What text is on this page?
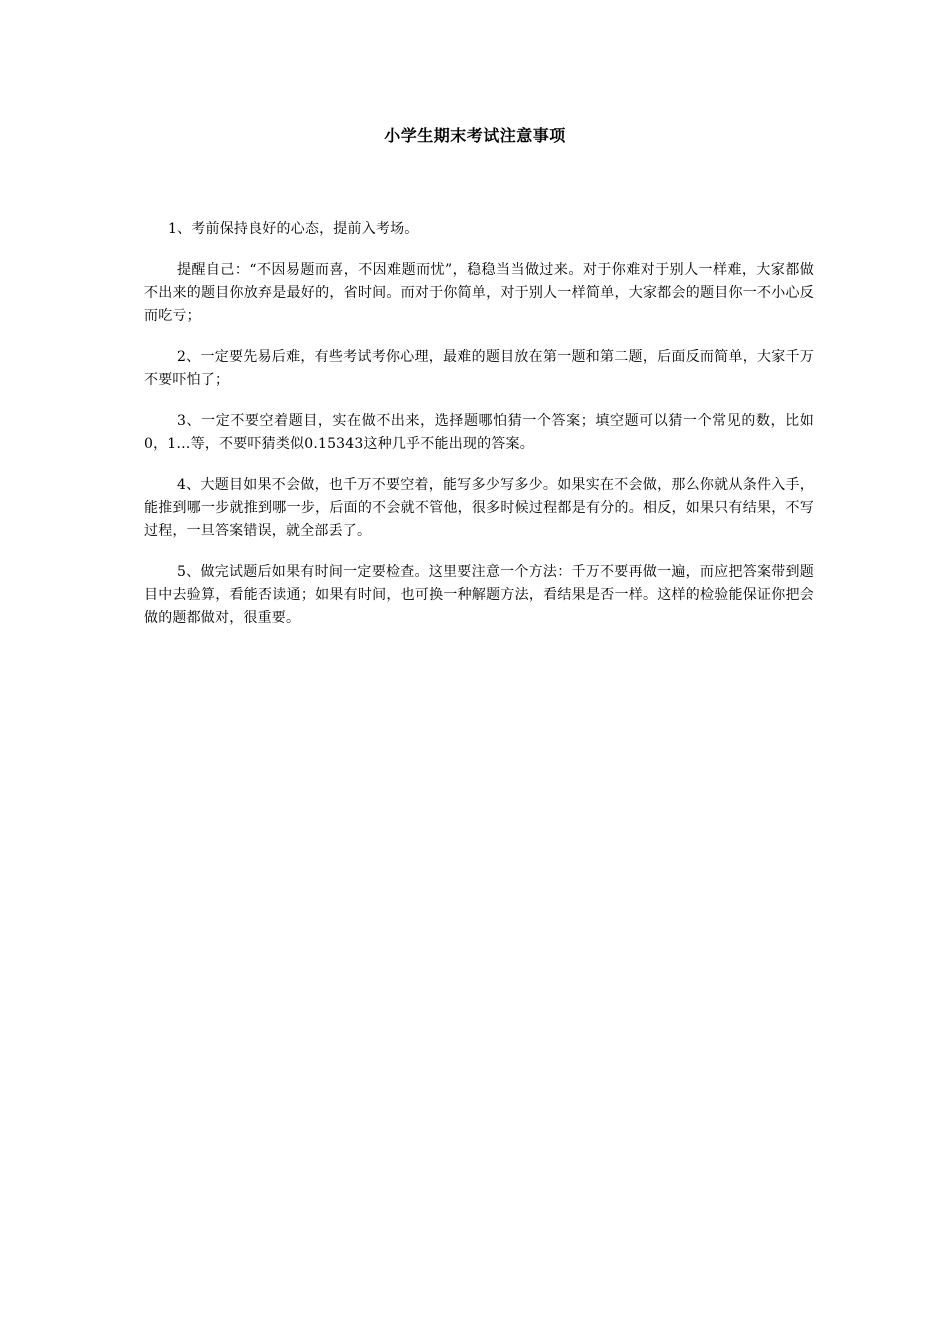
小学生期末考试注意事项

1、考前保持良好的心态，提前入考场。

提醒自己：“不因易题而喜，不因难题而忧”，稳稳当当做过来。对于你难对于别人一样难，大家都做不出来的题目你放弃是最好的，省时间。而对于你简单，对于别人一样简单，大家都会的题目你一不小心反而吃亏；

2、一定要先易后难，有些考试考你心理，最难的题目放在第一题和第二题，后面反而简单，大家千万不要吓怕了；

3、一定不要空着题目，实在做不出来，选择题哪怕猜一个答案；填空题可以猜一个常见的数，比如0，1…等，不要吓猜类似0.15343这种几乎不能出现的答案。

4、大题目如果不会做，也千万不要空着，能写多少写多少。如果实在不会做，那么你就从条件入手，能推到哪一步就推到哪一步，后面的不会就不管他，很多时候过程都是有分的。相反，如果只有结果，不写过程，一旦答案错误，就全部丢了。

5、做完试题后如果有时间一定要检查。这里要注意一个方法：千万不要再做一遍，而应把答案带到题目中去验算，看能否读通；如果有时间，也可换一种解题方法，看结果是否一样。这样的检验能保证你把会做的题都做对，很重要。
